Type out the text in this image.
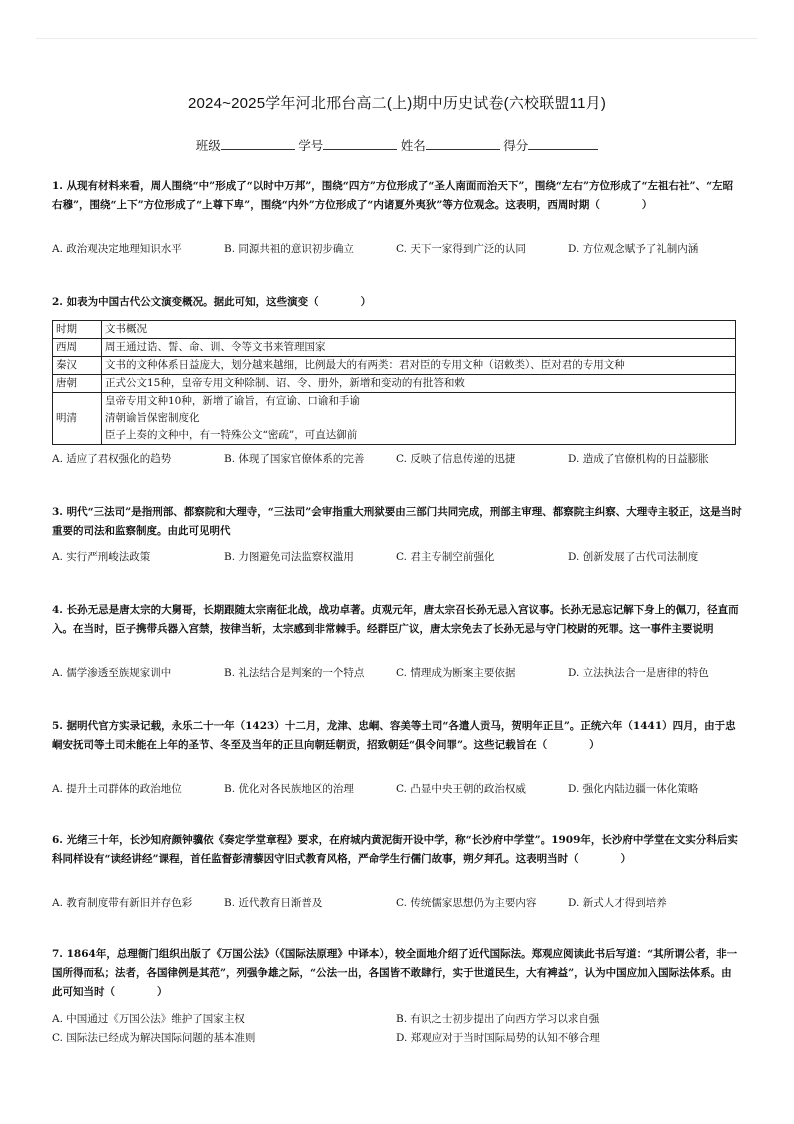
2024~2025学年河北邢台高二(上)期中历史试卷(六校联盟11月)
班级	学号	姓名	得分
1. 从现有材料来看，周人围绕“中”形成了“以时中万邦”，围绕“四方”方位形成了“圣人南面而治天下”，围绕“左右”方位形成了“左祖右社”、“左昭右穆”，围绕“上下”方位形成了“上尊下卑”，围绕“内外”方位形成了“内诸夏外夷狄”等方位观念。这表明，西周时期（　　　　）
A. 政治观决定地理知识水平	B. 同源共祖的意识初步确立	C. 天下一家得到广泛的认同	D. 方位观念赋予了礼制内涵
2. 如表为中国古代公文演变概况。据此可知，这些演变（　　　　）
时期	文书概况
西周	周王通过诰、誓、命、训、令等文书来管理国家
秦汉	文书的文种体系日益庞大，划分越来越细，比例最大的有两类：君对臣的专用文种（诏敕类）、臣对君的专用文种
唐朝	正式公文15种，皇帝专用文种除制、诏、令、册外，新增和变动的有批答和敕
明清	皇帝专用文种10种，新增了谕旨，有宣谕、口谕和手谕
清朝谕旨保密制度化
臣子上奏的文种中，有一特殊公文“密疏”，可直达御前
A. 适应了君权强化的趋势	B. 体现了国家官僚体系的完善	C. 反映了信息传递的迅捷	D. 造成了官僚机构的日益膨胀
3. 明代“三法司”是指刑部、都察院和大理寺，“三法司”会审指重大刑狱要由三部门共同完成，刑部主审理、都察院主纠察、大理寺主驳正，这是当时重要的司法和监察制度。由此可见明代
A. 实行严刑峻法政策	B. 力图避免司法监察权滥用	C. 君主专制空前强化	D. 创新发展了古代司法制度
4. 长孙无忌是唐太宗的大舅哥，长期跟随太宗南征北战，战功卓著。贞观元年，唐太宗召长孙无忌入宫议事。长孙无忌忘记解下身上的佩刀，径直而入。在当时，臣子携带兵器入宫禁，按律当斩，太宗感到非常棘手。经群臣广议，唐太宗免去了长孙无忌与守门校尉的死罪。这一事件主要说明
A. 儒学渗透至族规家训中	B. 礼法结合是判案的一个特点	C. 情理成为断案主要依据	D. 立法执法合一是唐律的特色
5. 据明代官方实录记载，永乐二十一年（1423）十二月，龙津、忠峒、容美等土司“各遣人贡马，贺明年正旦”。正统六年（1441）四月，由于忠峒安抚司等土司未能在上年的圣节、冬至及当年的正旦向朝廷朝贡，招致朝廷“俱令问罪”。这些记载旨在（　　　　）
A. 提升土司群体的政治地位	B. 优化对各民族地区的治理	C. 凸显中央王朝的政治权威	D. 强化内陆边疆一体化策略
6. 光绪三十年，长沙知府颜钟骥依《奏定学堂章程》要求，在府城内黄泥街开设中学，称“长沙府中学堂”。1909年，长沙府中学堂在文实分科后实科同样设有“读经讲经”课程，首任监督彭清藜因守旧式教育风格，严命学生行儒门故事，朔夕拜孔。这表明当时（　　　　）
A. 教育制度带有新旧并存色彩	B. 近代教育日渐普及	C. 传统儒家思想仍为主要内容	D. 新式人才得到培养
7. 1864年，总理衙门组织出版了《万国公法》（《国际法原理》中译本），较全面地介绍了近代国际法。郑观应阅读此书后写道：“其所谓公者，非一国所得而私；法者，各国律例是其范”，列强争雄之际，“公法一出，各国皆不敢肆行，实于世道民生，大有裨益”，认为中国应加入国际法体系。由此可知当时（　　　　）
A. 中国通过《万国公法》维护了国家主权	B. 有识之士初步提出了向西方学习以求自强
C. 国际法已经成为解决国际问题的基本准则	D. 郑观应对于当时国际局势的认知不够合理
